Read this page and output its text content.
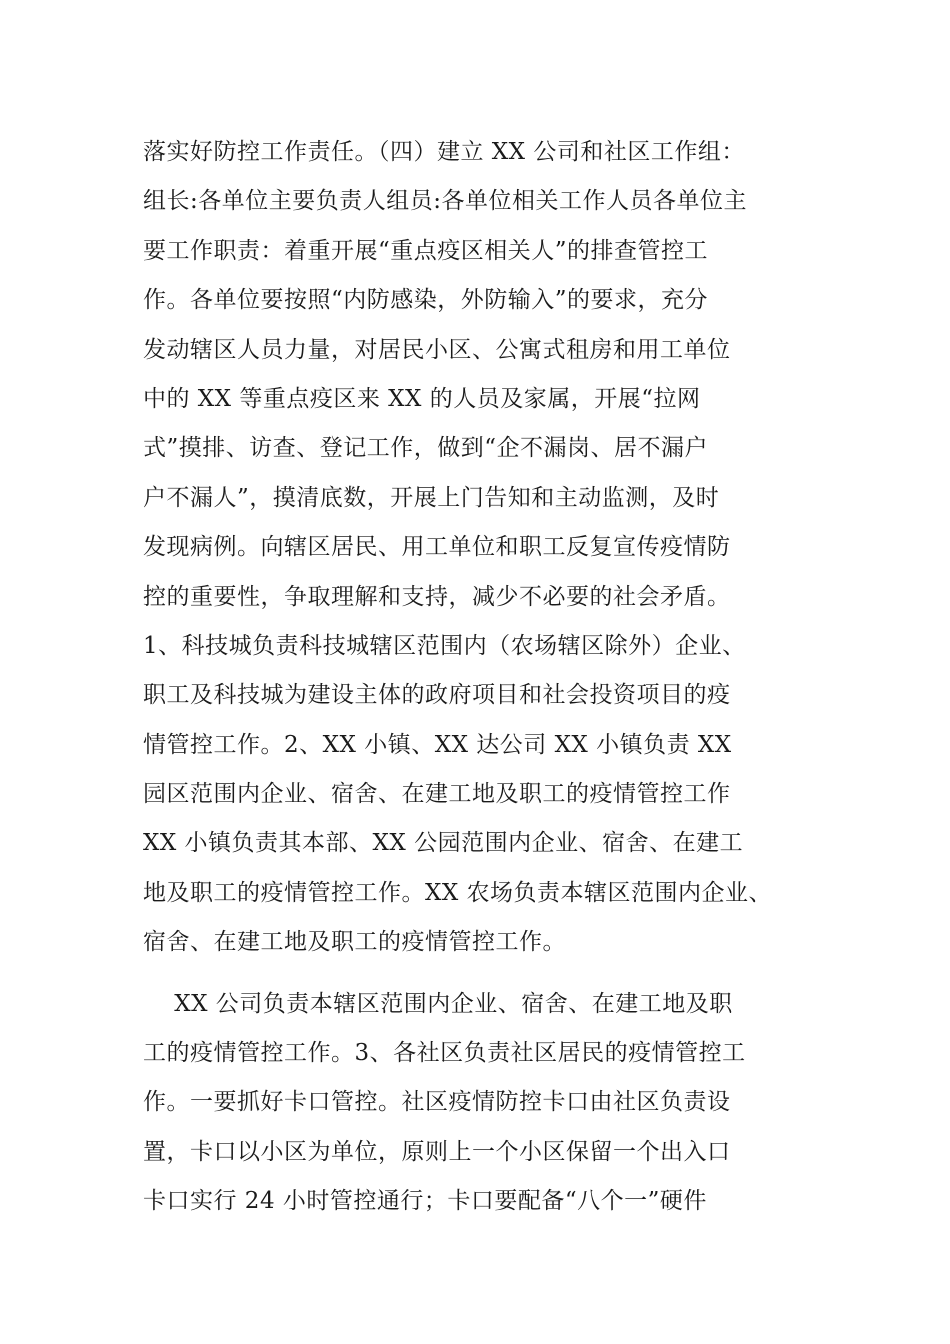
落实好防控工作责任。（四）建立 XX 公司和社区工作组：
组长:各单位主要负责人组员:各单位相关工作人员各单位主
要工作职责：着重开展“重点疫区相关人”的排查管控工
作。各单位要按照“内防感染，外防输入”的要求，充分
发动辖区人员力量，对居民小区、公寓式租房和用工单位
中的 XX 等重点疫区来 XX 的人员及家属，开展“拉网
式”摸排、访查、登记工作，做到“企不漏岗、居不漏户
户不漏人”，摸清底数，开展上门告知和主动监测，及时
发现病例。向辖区居民、用工单位和职工反复宣传疫情防
控的重要性，争取理解和支持，减少不必要的社会矛盾。
1、科技城负责科技城辖区范围内（农场辖区除外）企业、
职工及科技城为建设主体的政府项目和社会投资项目的疫
情管控工作。2、XX 小镇、XX 达公司 XX 小镇负责 XX
园区范围内企业、宿舍、在建工地及职工的疫情管控工作
XX 小镇负责其本部、XX 公园范围内企业、宿舍、在建工
地及职工的疫情管控工作。XX 农场负责本辖区范围内企业、
宿舍、在建工地及职工的疫情管控工作。
XX 公司负责本辖区范围内企业、宿舍、在建工地及职
工的疫情管控工作。3、各社区负责社区居民的疫情管控工
作。一要抓好卡口管控。社区疫情防控卡口由社区负责设
置，卡口以小区为单位，原则上一个小区保留一个出入口
卡口实行 24 小时管控通行；卡口要配备“八个一”硬件
